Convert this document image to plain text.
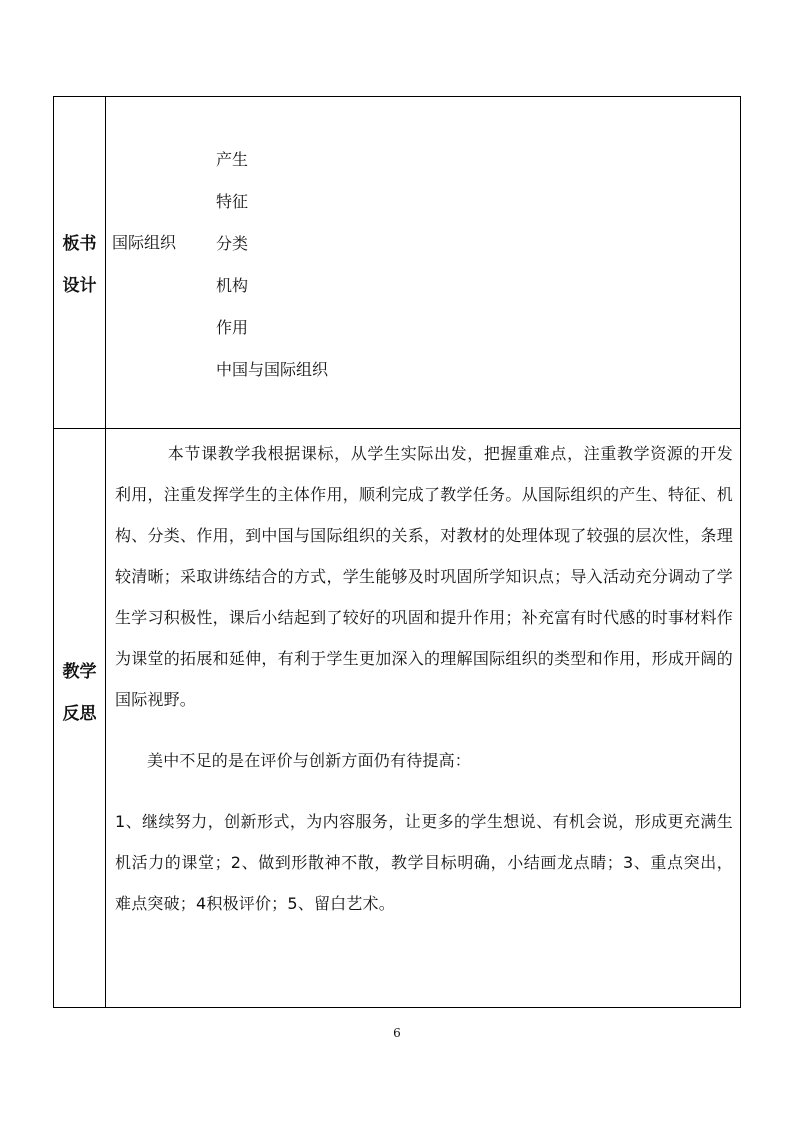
板书
设计
国际组织
产生
特征
分类
机构
作用
中国与国际组织
教学
反思

本节课教学我根据课标，从学生实际出发，把握重难点，注重教学资源的开发利用，注重发挥学生的主体作用，顺利完成了教学任务。从国际组织的产生、特征、机构、分类、作用，到中国与国际组织的关系，对教材的处理体现了较强的层次性，条理较清晰；采取讲练结合的方式，学生能够及时巩固所学知识点；导入活动充分调动了学生学习积极性，课后小结起到了较好的巩固和提升作用；补充富有时代感的时事材料作为课堂的拓展和延伸，有利于学生更加深入的理解国际组织的类型和作用，形成开阔的国际视野。

美中不足的是在评价与创新方面仍有待提高：

1、继续努力，创新形式，为内容服务，让更多的学生想说、有机会说，形成更充满生机活力的课堂；2、做到形散神不散，教学目标明确，小结画龙点睛；3、重点突出，难点突破；4积极评价；5、留白艺术。

6
